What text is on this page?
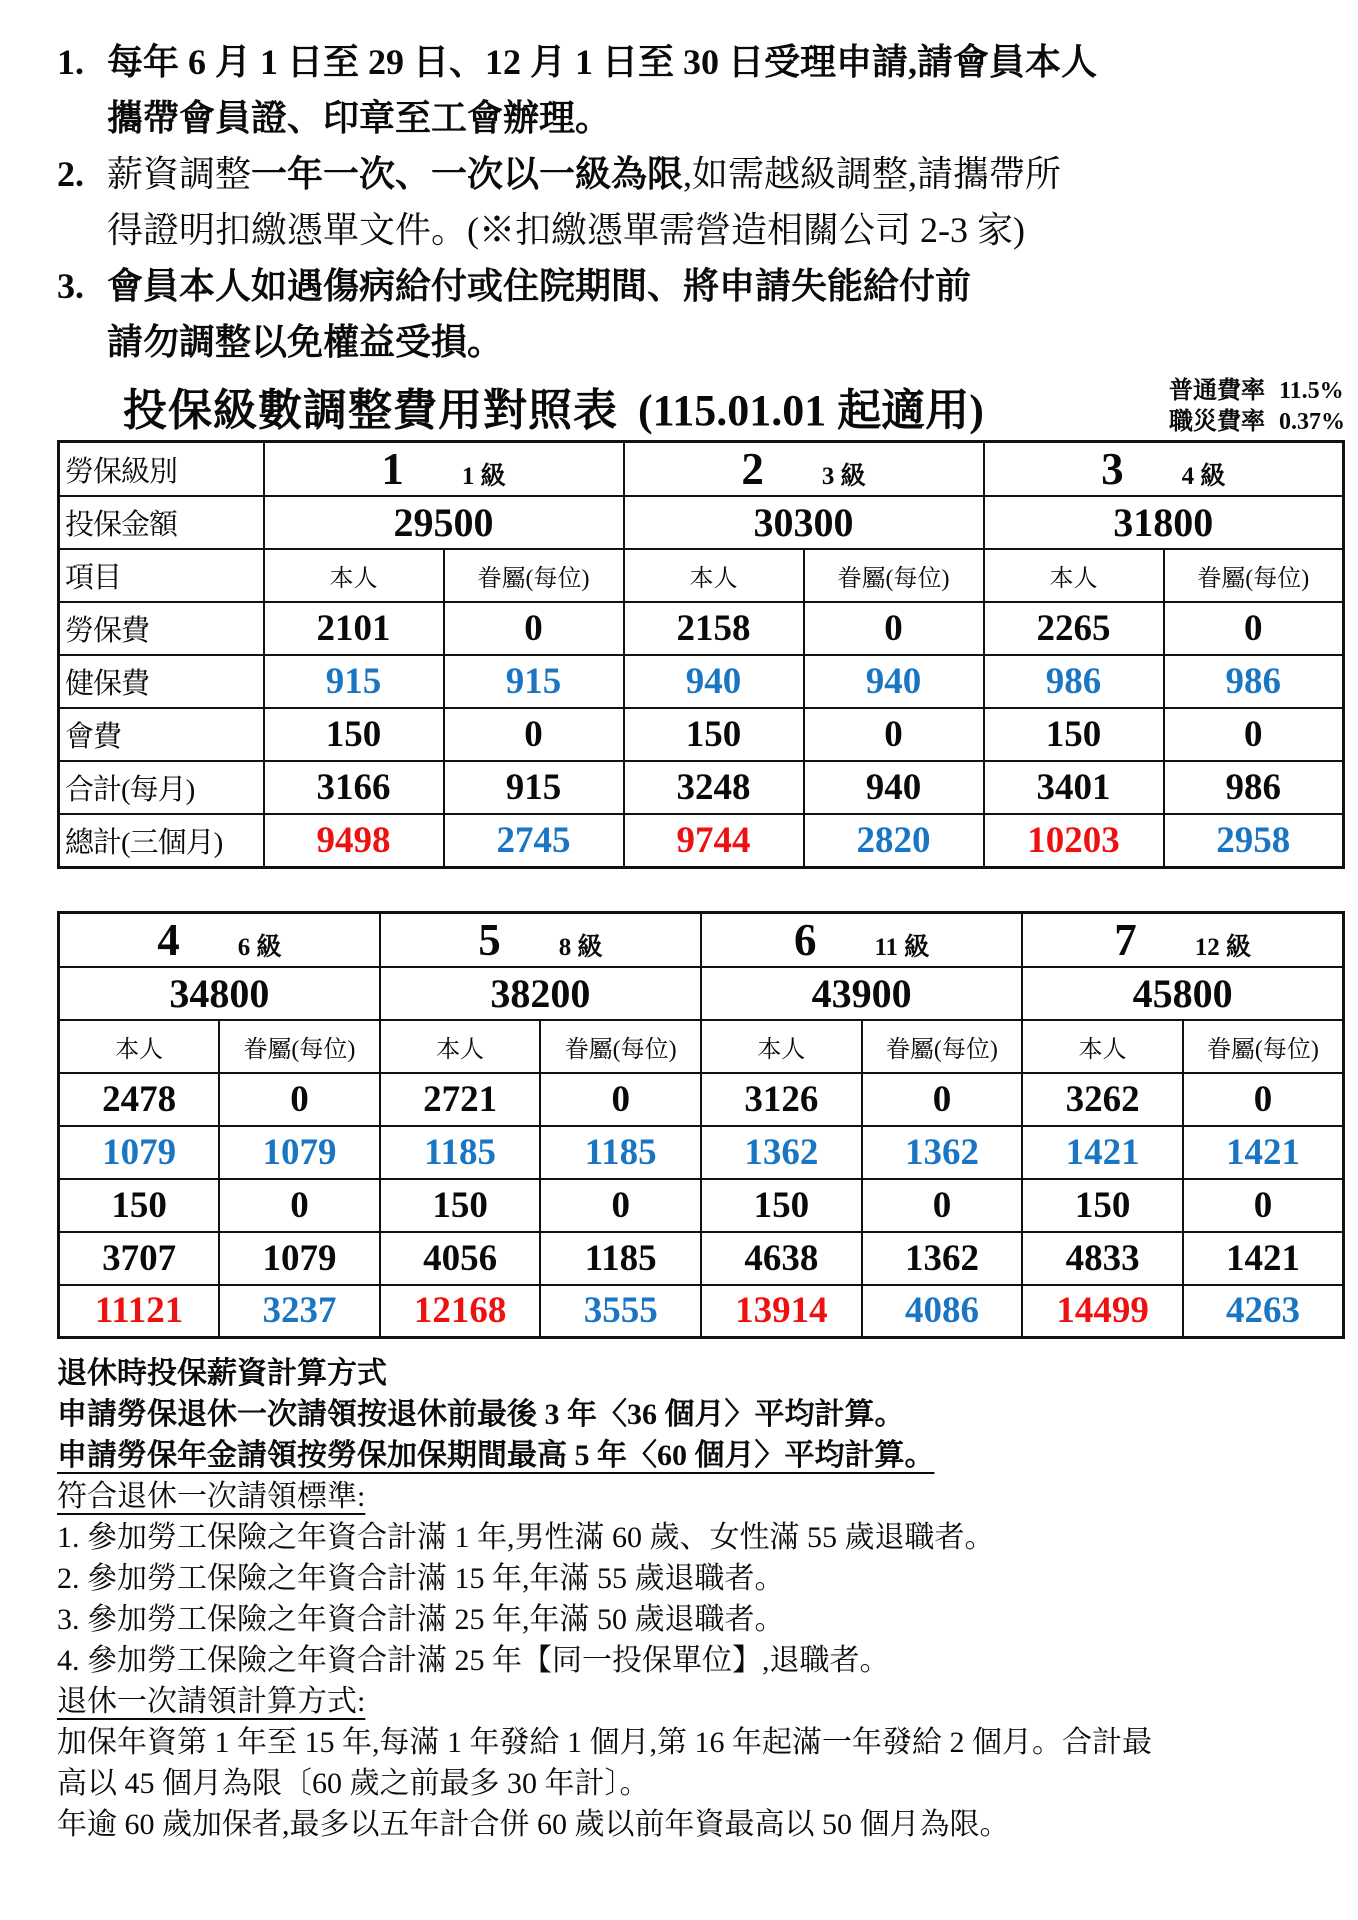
1. 每年 6 月 1 日至 29 日、12 月 1 日至 30 日受理申請,請會員本人
攜帶會員證、印章至工會辦理。
2. 薪資調整一年一次、一次以一級為限,如需越級調整,請攜帶所
得證明扣繳憑單文件。(※扣繳憑單需營造相關公司 2-3 家)
3. 會員本人如遇傷病給付或住院期間、將申請失能給付前
請勿調整以免權益受損。
投保級數調整費用對照表 (115.01.01 起適用)	普通費率 11.5%
職災費率 0.37%
勞保級別	1 1 級		2 3 級		3 4 級	
投保金額	29500		30300		31800	
項目	本人	眷屬(每位)	本人	眷屬(每位)	本人	眷屬(每位)
勞保費	2101	0	2158	0	2265	0
健保費	915	915	940	940	986	986
會費	150	0	150	0	150	0
合計(每月)	3166	915	3248	940	3401	986
總計(三個月)	9498	2745	9744	2820	10203	2958
4 6 級		5 8 級		6 11 級		7 12 級	
34800		38200		43900		45800	
本人	眷屬(每位)	本人	眷屬(每位)	本人	眷屬(每位)	本人	眷屬(每位)
2478	0	2721	0	3126	0	3262	0
1079	1079	1185	1185	1362	1362	1421	1421
150	0	150	0	150	0	150	0
3707	1079	4056	1185	4638	1362	4833	1421
11121	3237	12168	3555	13914	4086	14499	4263
退休時投保薪資計算方式
申請勞保退休一次請領按退休前最後 3 年〈36 個月〉平均計算。
申請勞保年金請領按勞保加保期間最高 5 年〈60 個月〉平均計算。
符合退休一次請領標準:
1. 參加勞工保險之年資合計滿 1 年,男性滿 60 歲、女性滿 55 歲退職者。
2. 參加勞工保險之年資合計滿 15 年,年滿 55 歲退職者。
3. 參加勞工保險之年資合計滿 25 年,年滿 50 歲退職者。
4. 參加勞工保險之年資合計滿 25 年【同一投保單位】,退職者。
退休一次請領計算方式:
加保年資第 1 年至 15 年,每滿 1 年發給 1 個月,第 16 年起滿一年發給 2 個月。合計最
高以 45 個月為限〔60 歲之前最多 30 年計〕。
年逾 60 歲加保者,最多以五年計合併 60 歲以前年資最高以 50 個月為限。
